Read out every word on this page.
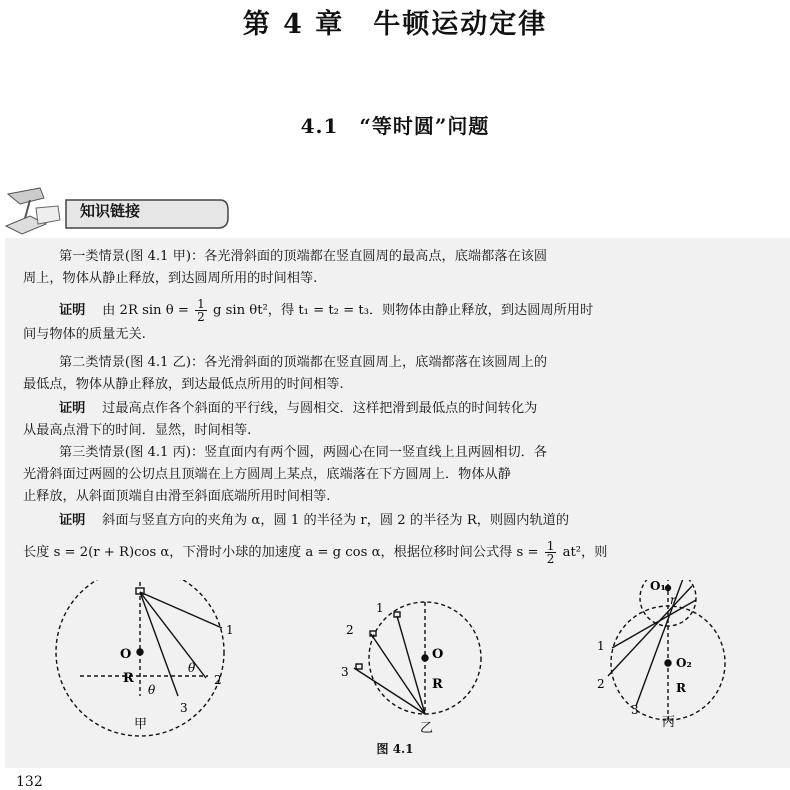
第 4 章　牛顿运动定律
4.1　“等时圆”问题
知识链接
第一类情景(图 4.1 甲)：各光滑斜面的顶端都在竖直圆周的最高点，底端都落在该圆
周上，物体从静止释放，到达圆周所用的时间相等.
证明 由 2R $\sin \theta = \frac{1}{2}$ g sin θt²，得 t₁ = t₂ = t₃．则物体由静止释放，到达圆周所用时
间与物体的质量无关.
第二类情景(图 4.1 乙)：各光滑斜面的顶端都在竖直圆周上，底端都落在该圆周上的
最低点，物体从静止释放，到达最低点所用的时间相等.
证明 过最高点作各个斜面的平行线，与圆相交．这样把滑到最低点的时间转化为
从最高点滑下的时间．显然，时间相等.
第三类情景(图 4.1 丙)：竖直面内有两个圆，两圆心在同一竖直线上且两圆相切．各
光滑斜面过两圆的公切点且顶端在上方圆周上某点，底端落在下方圆周上．物体从静
止释放，从斜面顶端自由滑至斜面底端所用时间相等.
证明 斜面与竖直方向的夹角为 α，圆 1 的半径为 r，圆 2 的半径为 R，则圆内轨道的
长度 s = 2(r + R)cos α，下滑时小球的加速度 a = g cos α，根据位移时间公式得 $s = \frac{1}{2} at^2$，则
O
R
θ
θ
1
2
3
甲
O
R
1
2
3
乙
O₁
r
O₂
R
1
2
3
丙
图 4.1
132
